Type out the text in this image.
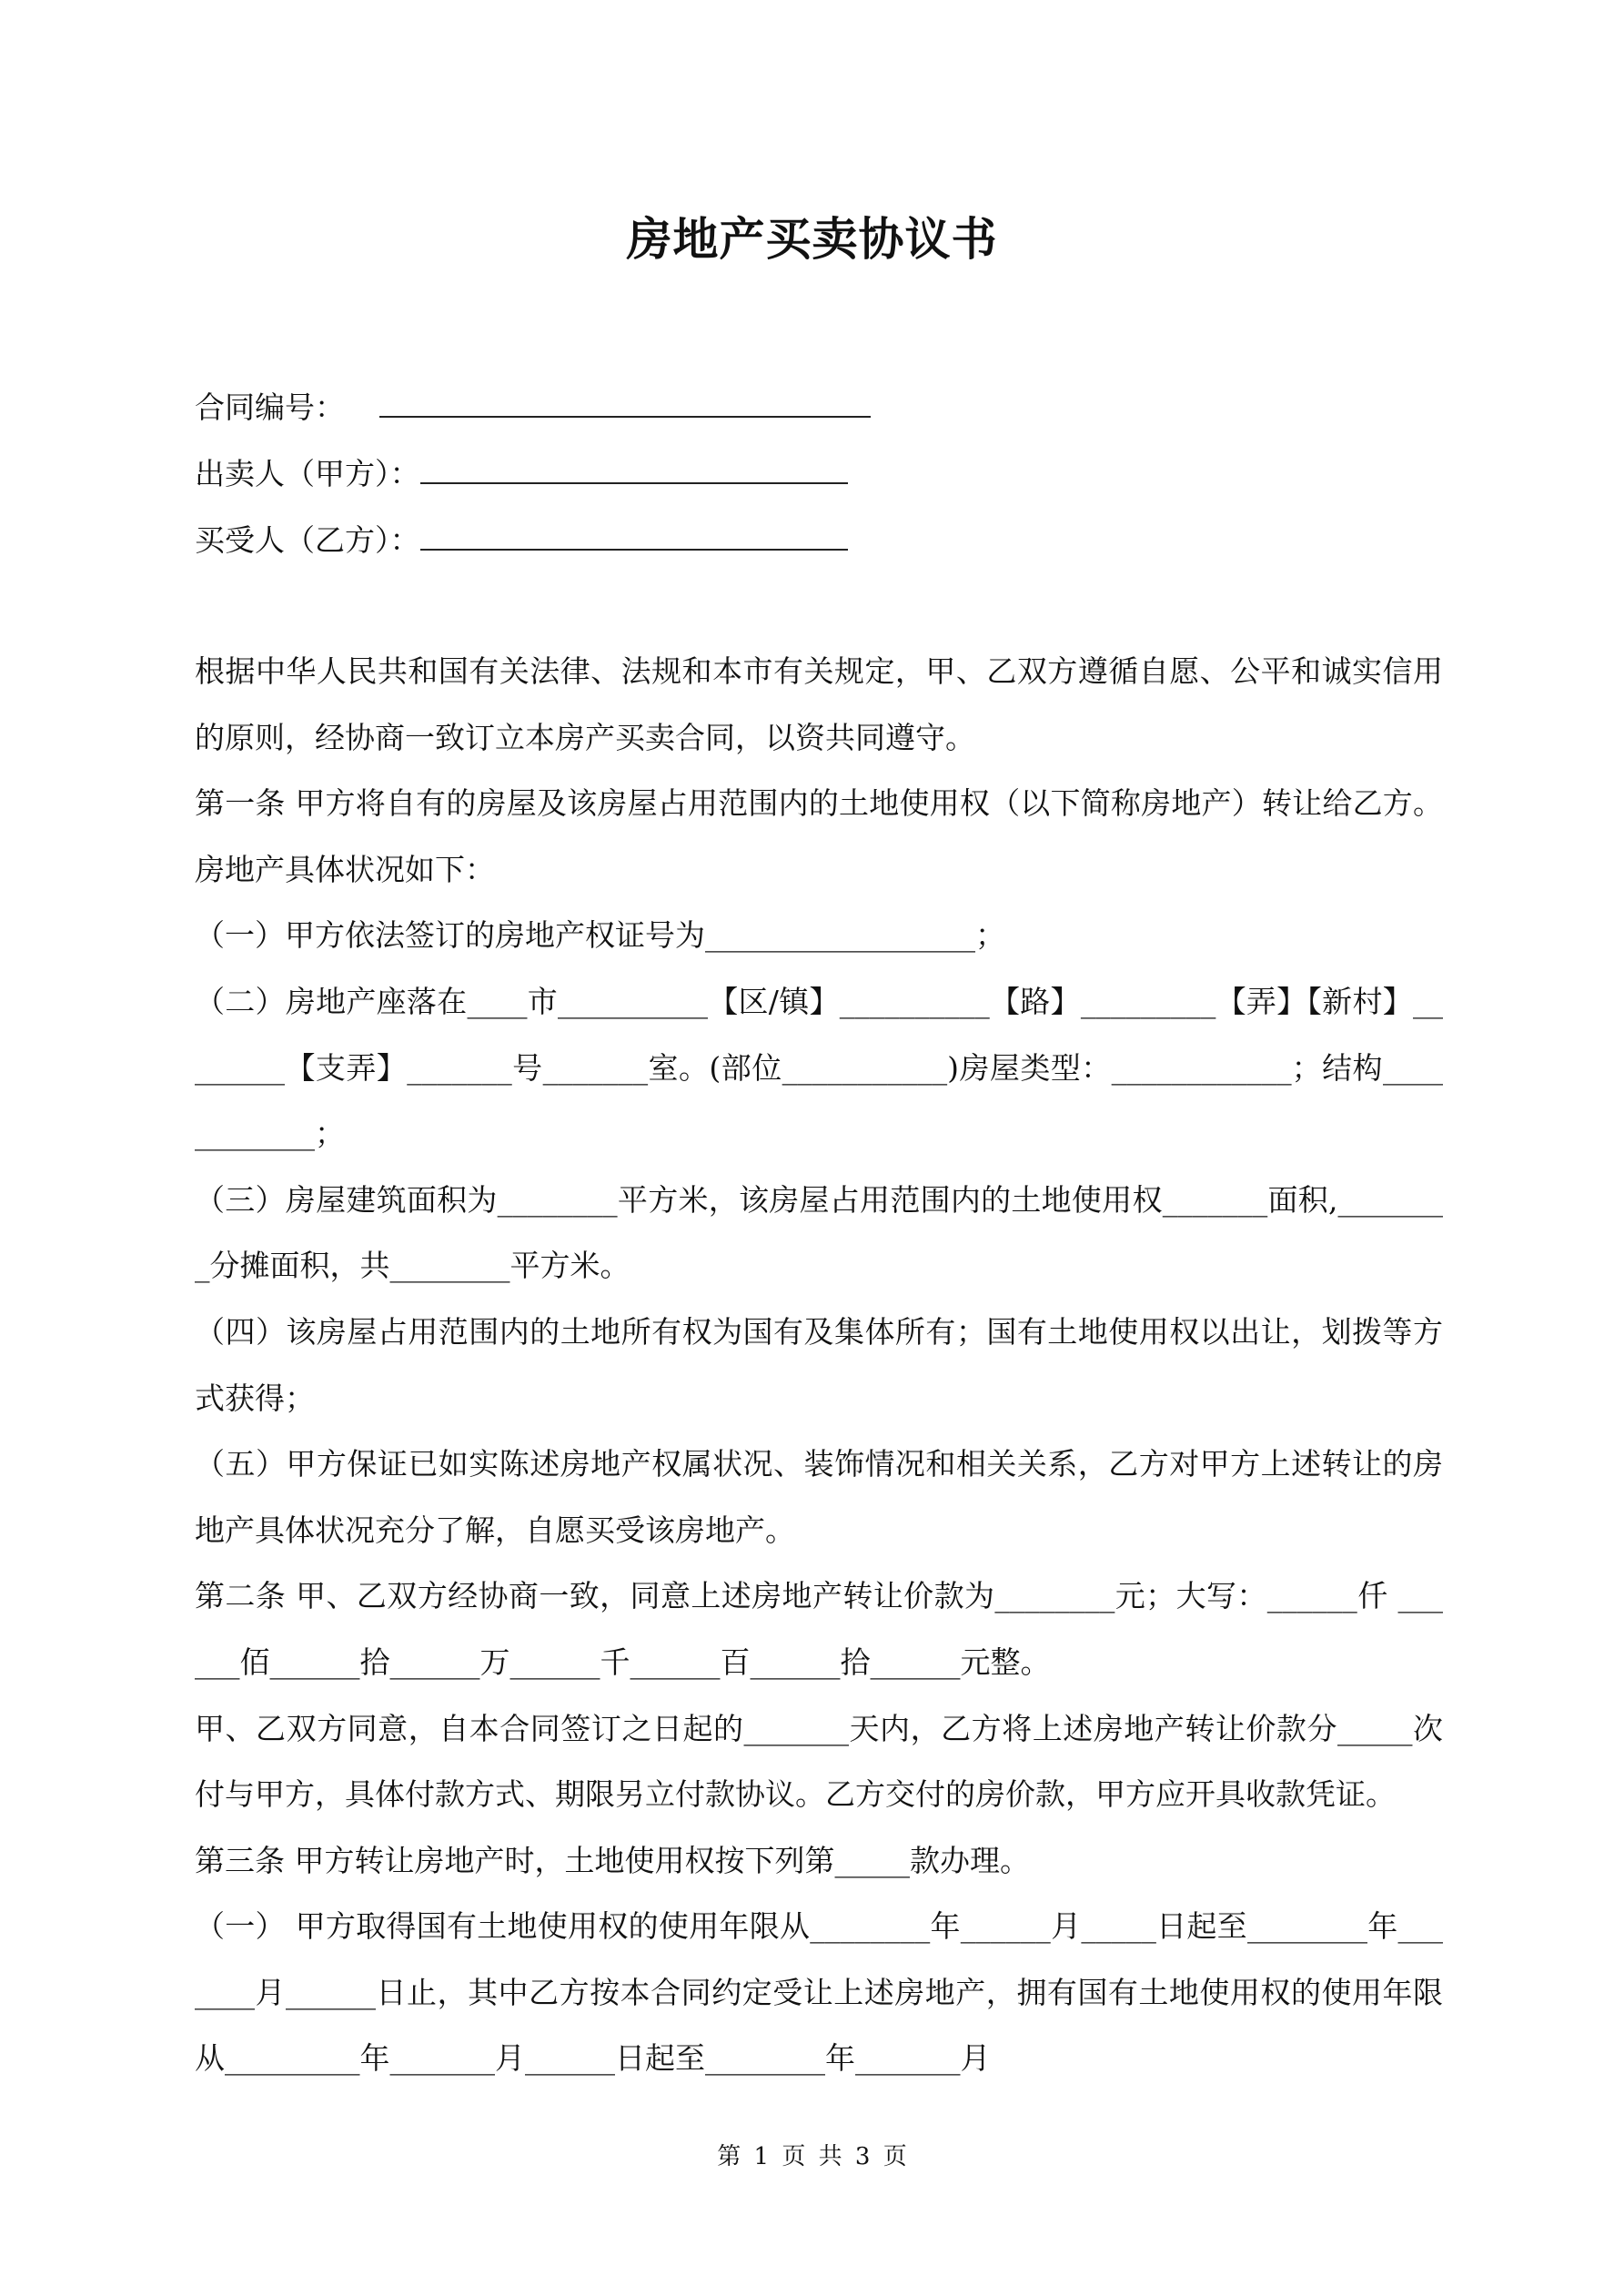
房地产买卖协议书
合同编号：
出卖人（甲方）：
买受人（乙方）：

根据中华人民共和国有关法律、法规和本市有关规定，甲、乙双方遵循自愿、公平和诚实信用的原则，经协商一致订立本房产买卖合同，以资共同遵守。

第一条 甲方将自有的房屋及该房屋占用范围内的土地使用权（以下简称房地产）转让给乙方。房地产具体状况如下：

（一）甲方依法签订的房地产权证号为__________________；

（二）房地产座落在____市__________【区/镇】__________【路】_________【弄】【新村】________【支弄】_______号_______室。(部位___________)房屋类型：____________；结构____________；

（三）房屋建筑面积为________平方米，该房屋占用范围内的土地使用权_______面积,________分摊面积，共________平方米。

（四）该房屋占用范围内的土地所有权为国有及集体所有；国有土地使用权以出让，划拨等方式获得；

（五）甲方保证已如实陈述房地产权属状况、装饰情况和相关关系，乙方对甲方上述转让的房地产具体状况充分了解，自愿买受该房地产。

第二条 甲、乙双方经协商一致，同意上述房地产转让价款为________元；大写：______仟 ______佰______拾______万______千______百______拾______元整。

甲、乙双方同意，自本合同签订之日起的_______天内，乙方将上述房地产转让价款分_____次付与甲方，具体付款方式、期限另立付款协议。乙方交付的房价款，甲方应开具收款凭证。

第三条 甲方转让房地产时，土地使用权按下列第_____款办理。

（一） 甲方取得国有土地使用权的使用年限从________年______月_____日起至________年_______月______日止，其中乙方按本合同约定受让上述房地产，拥有国有土地使用权的使用年限从_________年_______月______日起至________年_______月

第 1 页 共 3 页
